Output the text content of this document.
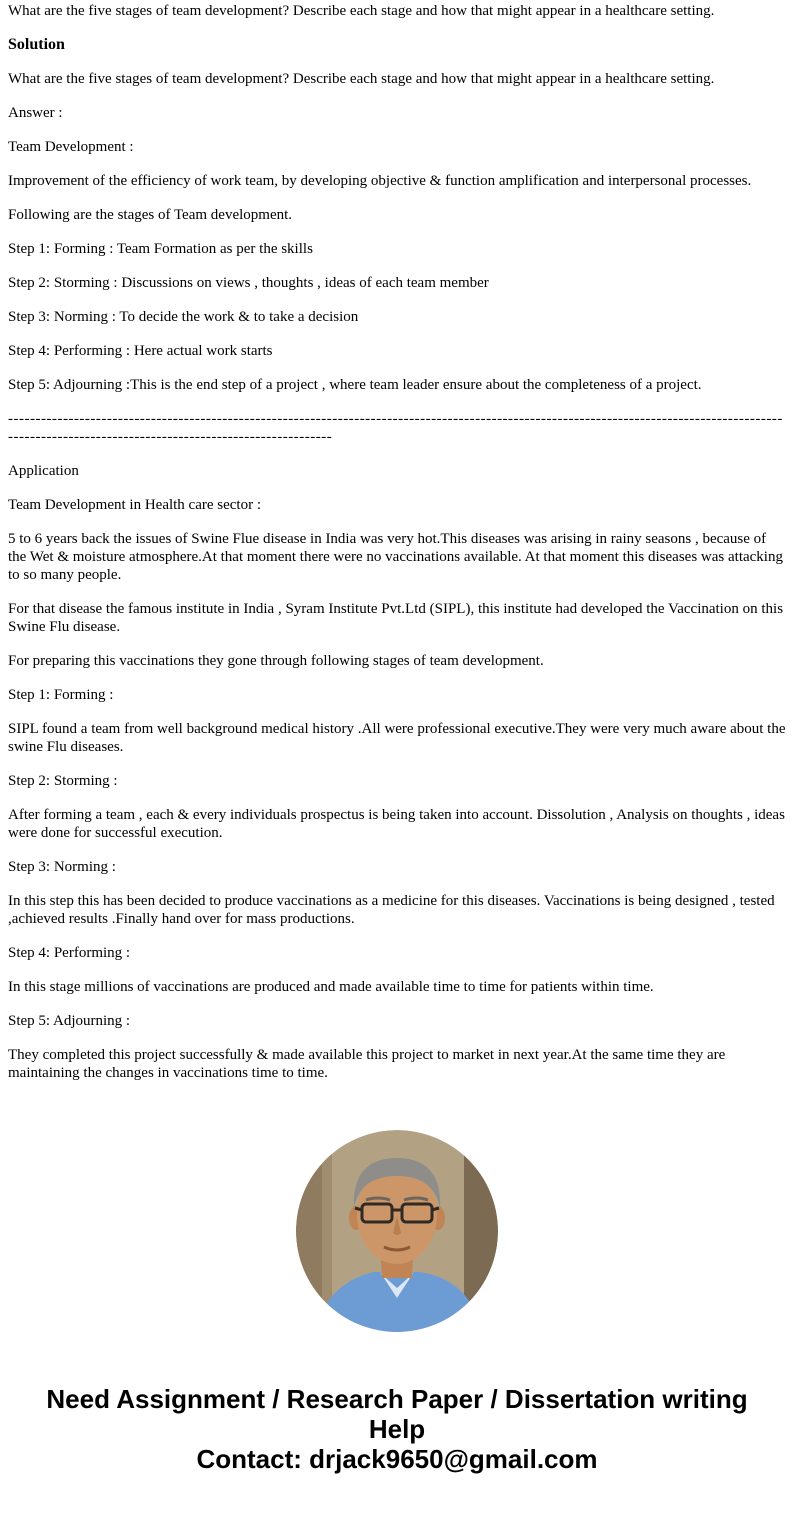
What are the five stages of team development? Describe each stage and how that might appear in a healthcare setting.

Solution

What are the five stages of team development? Describe each stage and how that might appear in a healthcare setting.

Answer :

Team Development :

Improvement of the efficiency of work team, by developing objective & function amplification and interpersonal processes.

Following are the stages of Team development.

Step 1: Forming : Team Formation as per the skills

Step 2: Storming : Discussions on views , thoughts , ideas of each team member

Step 3: Norming : To decide the work & to take a decision

Step 4: Performing : Here actual work starts

Step 5: Adjourning :This is the end step of a project , where team leader ensure about the completeness of a project.

--------------------------------------------------------------------------------------------------------------------------------------------------------------------------------------------------------

Application

Team Development in Health care sector :

5 to 6 years back the issues of Swine Flue disease in India was very hot.This diseases was arising in rainy seasons , because of the Wet & moisture atmosphere.At that moment there were no vaccinations available. At that moment this diseases was attacking to so many people.

For that disease the famous institute in India , Syram Institute Pvt.Ltd (SIPL), this institute had developed the Vaccination on this Swine Flu disease.

For preparing this vaccinations they gone through following stages of team development.

Step 1: Forming :

SIPL found a team from well background medical history .All were professional executive.They were very much aware about the swine Flu diseases.

Step 2: Storming :

After forming a team , each & every individuals prospectus is being taken into account. Dissolution , Analysis on thoughts , ideas were done for successful execution.

Step 3: Norming :

In this step this has been decided to produce vaccinations as a medicine for this diseases. Vaccinations is being designed , tested ,achieved results .Finally hand over for mass productions.

Step 4: Performing :

In this stage millions of vaccinations are produced and made available time to time for patients within time.

Step 5: Adjourning :

They completed this project successfully & made available this project to market in next year.At the same time they are maintaining the changes in vaccinations time to time.

Need Assignment / Research Paper / Dissertation writing Help
Contact: drjack9650@gmail.com
